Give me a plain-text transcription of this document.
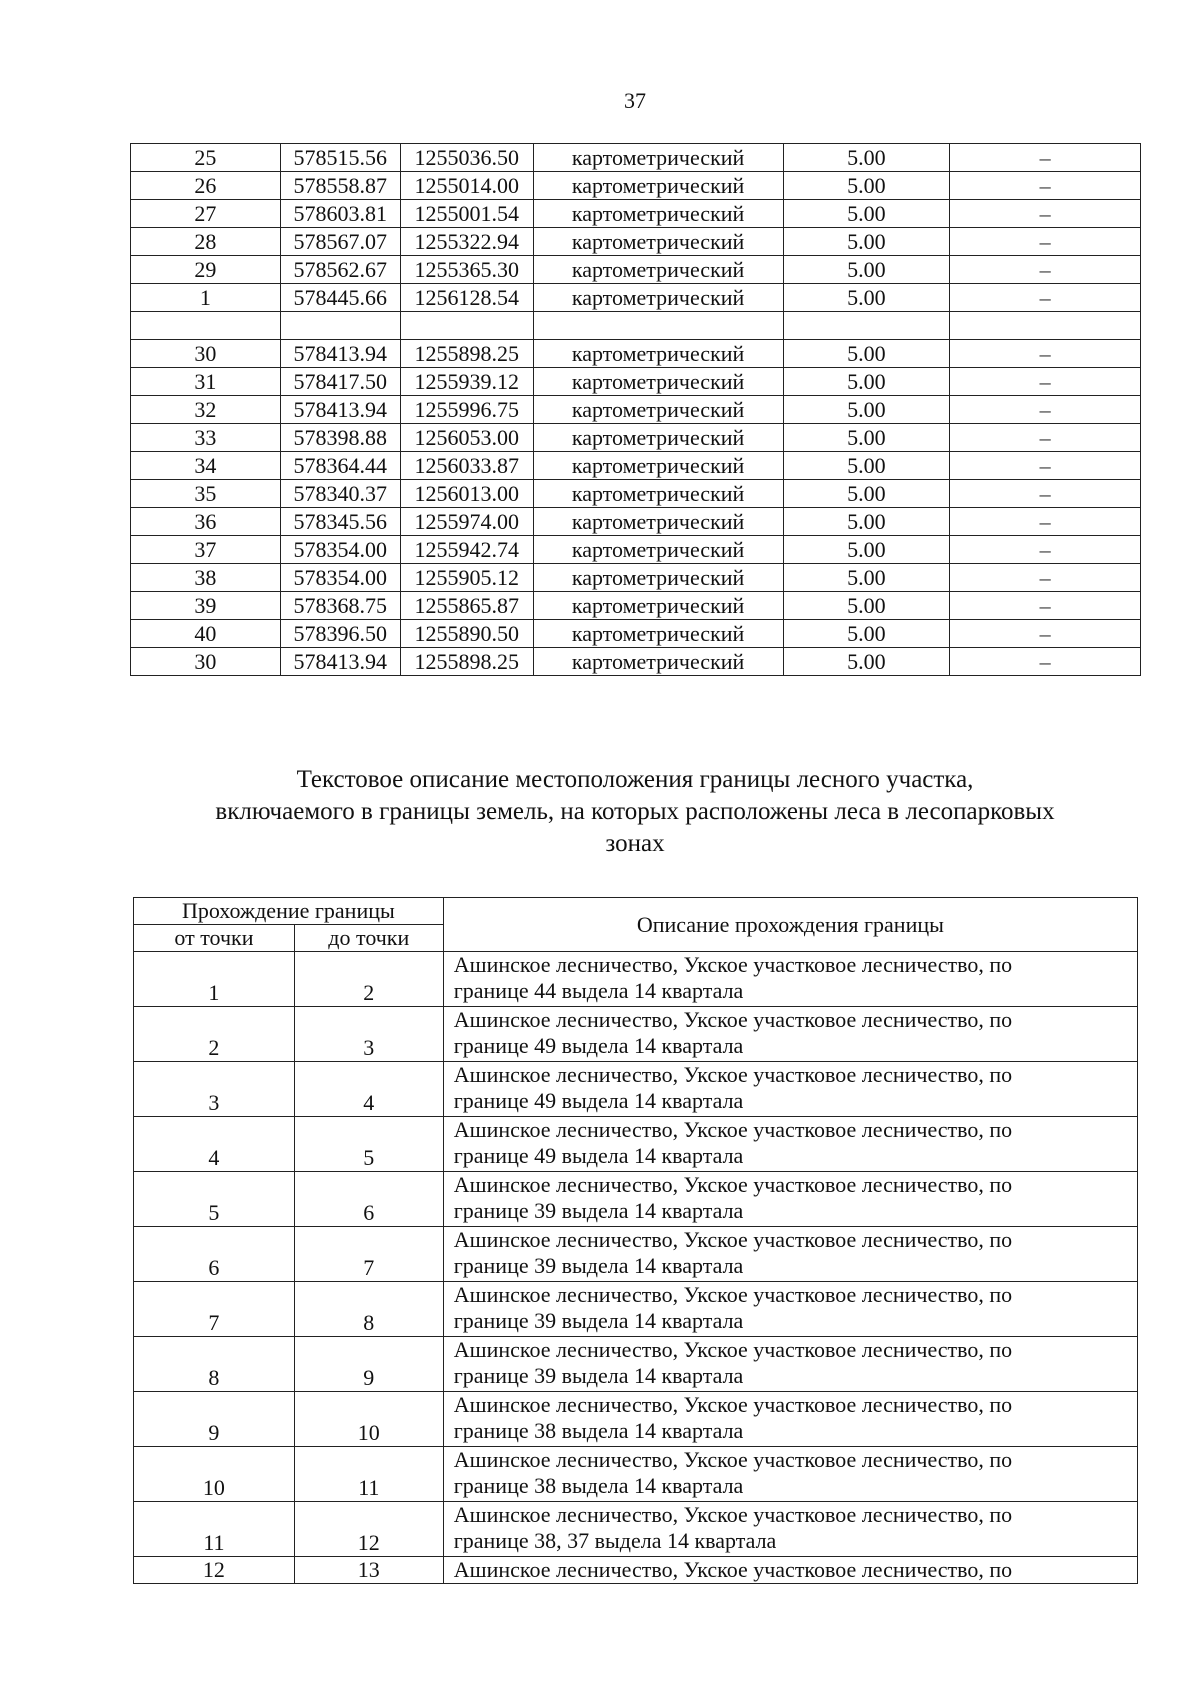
37
25	578515.56	1255036.50	картометрический	5.00	–
26	578558.87	1255014.00	картометрический	5.00	–
27	578603.81	1255001.54	картометрический	5.00	–
28	578567.07	1255322.94	картометрический	5.00	–
29	578562.67	1255365.30	картометрический	5.00	–
1	578445.66	1256128.54	картометрический	5.00	–

30	578413.94	1255898.25	картометрический	5.00	–
31	578417.50	1255939.12	картометрический	5.00	–
32	578413.94	1255996.75	картометрический	5.00	–
33	578398.88	1256053.00	картометрический	5.00	–
34	578364.44	1256033.87	картометрический	5.00	–
35	578340.37	1256013.00	картометрический	5.00	–
36	578345.56	1255974.00	картометрический	5.00	–
37	578354.00	1255942.74	картометрический	5.00	–
38	578354.00	1255905.12	картометрический	5.00	–
39	578368.75	1255865.87	картометрический	5.00	–
40	578396.50	1255890.50	картометрический	5.00	–
30	578413.94	1255898.25	картометрический	5.00	–
Текстовое описание местоположения границы лесного участка,
включаемого в границы земель, на которых расположены леса в лесопарковых
зонах
Прохождение границы		Описание прохождения границы
от точки	до точки	
1	2	Ашинское лесничество, Укское участковое лесничество, по
границе 44 выдела 14 квартала

2	3	Ашинское лесничество, Укское участковое лесничество, по
границе 49 выдела 14 квартала

3	4	Ашинское лесничество, Укское участковое лесничество, по
границе 49 выдела 14 квартала

4	5	Ашинское лесничество, Укское участковое лесничество, по
границе 49 выдела 14 квартала

5	6	Ашинское лесничество, Укское участковое лесничество, по
границе 39 выдела 14 квартала

6	7	Ашинское лесничество, Укское участковое лесничество, по
границе 39 выдела 14 квартала

7	8	Ашинское лесничество, Укское участковое лесничество, по
границе 39 выдела 14 квартала

8	9	Ашинское лесничество, Укское участковое лесничество, по
границе 39 выдела 14 квартала

9	10	Ашинское лесничество, Укское участковое лесничество, по
границе 38 выдела 14 квартала

10	11	Ашинское лесничество, Укское участковое лесничество, по
границе 38 выдела 14 квартала

11	12	Ашинское лесничество, Укское участковое лесничество, по
границе 38, 37 выдела 14 квартала

12	13	Ашинское лесничество, Укское участковое лесничество, по
